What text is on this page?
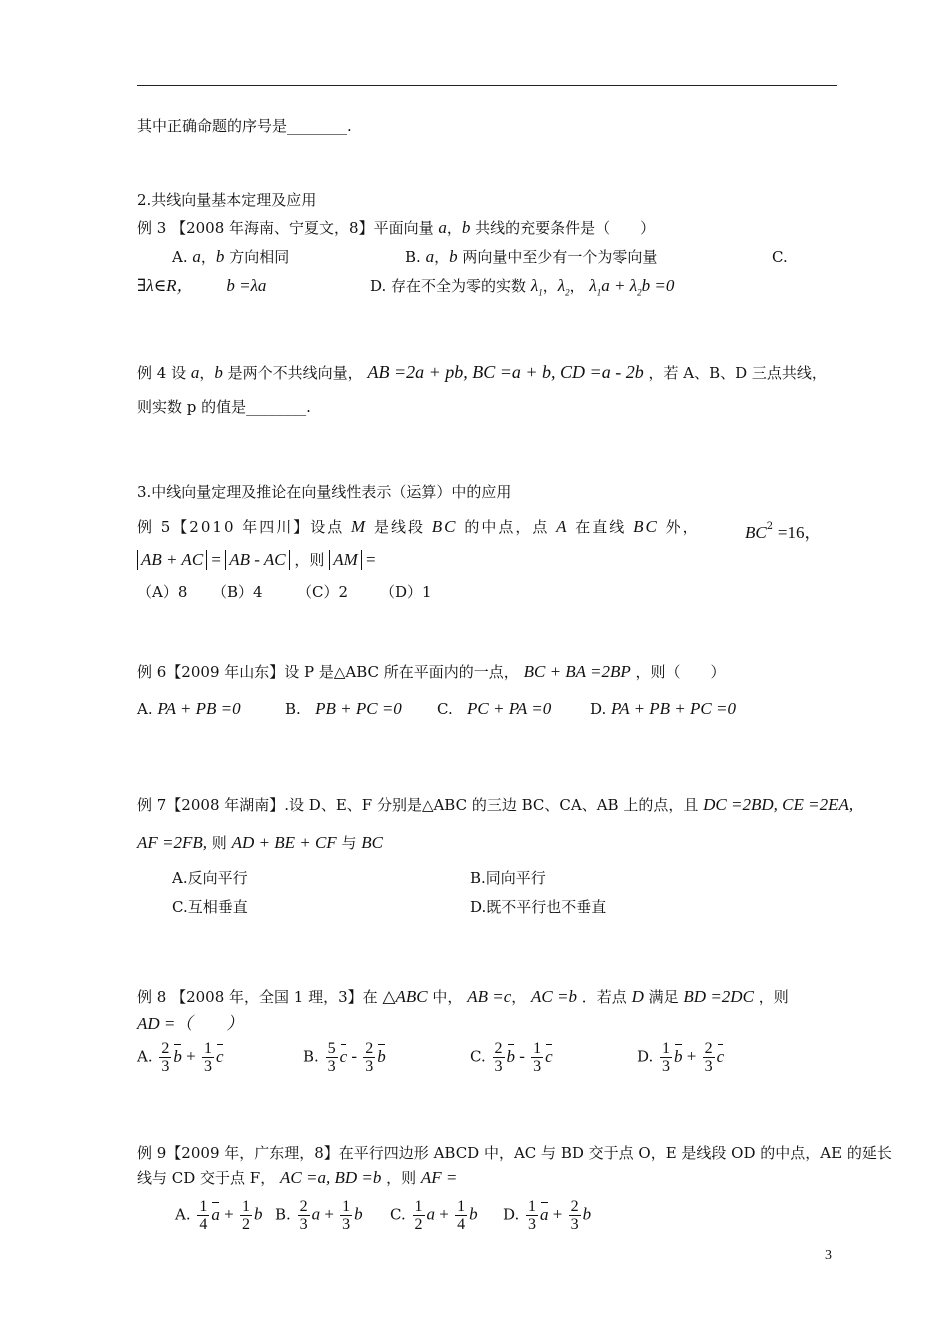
其中正确命题的序号是________.
2.共线向量基本定理及应用
例 3 【2008 年海南、宁夏文，8】平面向量 a，b 共线的充要条件是（　　）
A. a，b 方向相同	B. a，b 两向量中至少有一个为零向量	C.
∃λ∈R， b =λa	D. 存在不全为零的实数 $\lambda_1$，$\lambda_2$， $\lambda_1a + \lambda_2b =0$
例 4 设 a，b 是两个不共线向量， AB =2a + pb, BC =a + b, CD =a - 2b ，若 A、B、D 三点共线，
则实数 p 的值是________.
3.中线向量定理及推论在向量线性表示（运算）中的应用
例 5【2010 年四川】设点 M 是线段 BC 的中点，点 A 在直线 BC 外，	$BC^2 =16$，
AB + AC = AB - AC ，则 AM =
（A）8 （B）4 （C）2 （D）1
例 6【2009 年山东】设 P 是△ABC 所在平面内的一点， BC + BA =2BP ，则（　　）
A. PA + PB =0	B. PB + PC =0 C. PC + PA =0	D. PA + PB + PC =0
例 7【2008 年湖南】.设 D、E、F 分别是△ABC 的三边 BC、CA、AB 上的点，且 DC =2BD, CE =2EA,
AF =2FB, 则 AD + BE + CF 与 BC
A.反向平行	B.同向平行
C.互相垂直	D.既不平行也不垂直
例 8 【2008 年，全国 1 理，3】在 △ABC 中， AB =c， AC =b ．若点 D 满足 BD =2DC ，则
AD =（　　）
A. $\frac{2}{3}$ $b + \frac{1}{3}$ c	B. $\frac{5}{3}$ c - $\frac{2}{3}$ b	C. $\frac{2}{3}$ b - $\frac{1}{3}$ c	D. $\frac{1}{3}$ $b + \frac{2}{3}$ c
例 9【2009 年，广东理，8】在平行四边形 ABCD 中，AC 与 BD 交于点 O，E 是线段 OD 的中点，AE 的延长
线与 CD 交于点 F， AC =a, BD =b ，则 AF =
A. $\frac{1}{4}$ $a + \frac{1}{2}$ b B. $\frac{2}{3}$ $a + \frac{1}{3}$ b C. $\frac{1}{2}$ $a + \frac{1}{4}$ b D. $\frac{1}{3}$ $a + \frac{2}{3}$ b
3
